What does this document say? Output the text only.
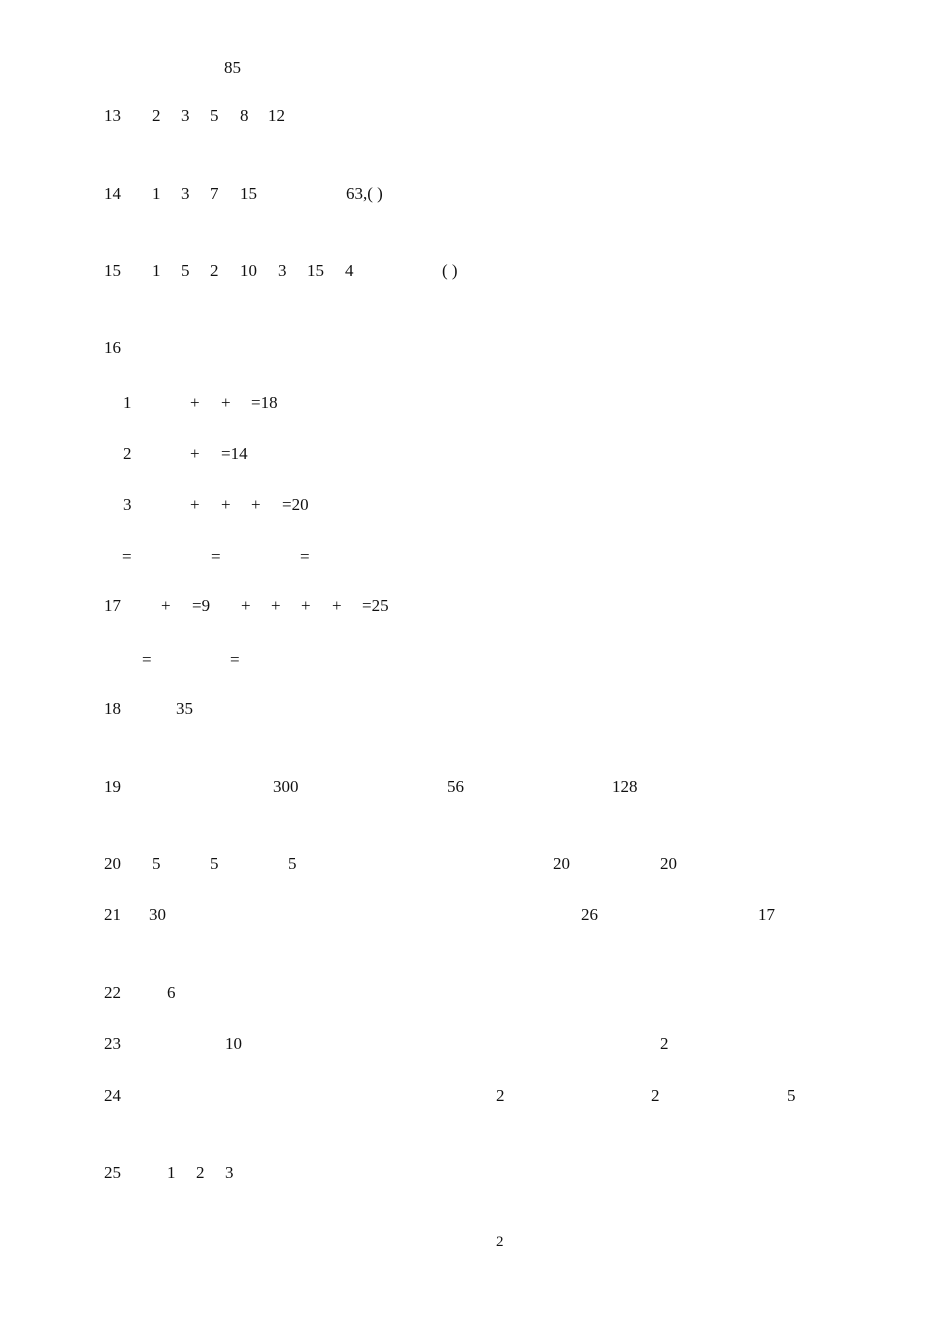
85
13 2 3 5 8 12
14 1 3 7 15	63,( )
15 1 5 2 10 3 15 4	( )
16
1	+ + =18
2	+ =14
3	+ + + =20
=	=	=
17 + =9 + + + + =25
=	=
18	35
19	300	56	128
20 5	5	5	20	20
21 30	26	17
22	6
23	10	2
24	2	2	5
25	1 2 3
2
